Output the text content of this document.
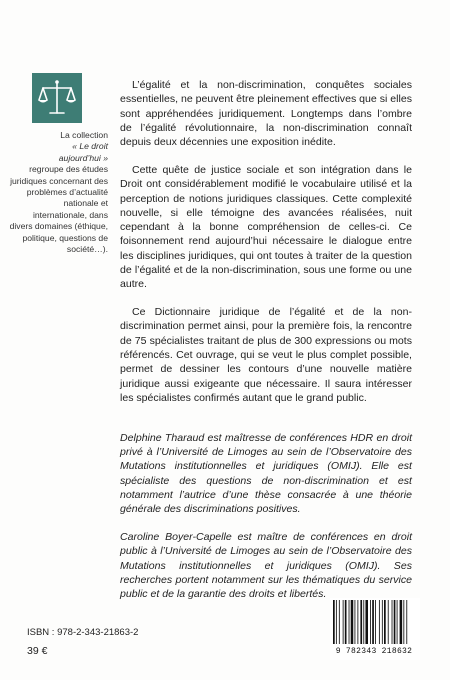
La collection
« Le droit
aujourd’hui »
regroupe des études juridiques concernant des problèmes d’actualité nationale et internationale, dans divers domaines (éthique, politique, questions de société…).

L’égalité et la non-discrimination, conquêtes sociales essentielles, ne peuvent être pleinement effectives que si elles sont appréhendées juridiquement. Longtemps dans l’ombre de l’égalité révolutionnaire, la non-discrimination connaît depuis deux décennies une exposition inédite.

Cette quête de justice sociale et son intégration dans le Droit ont considérablement modifié le vocabulaire utilisé et la perception de notions juridiques classiques. Cette complexité nouvelle, si elle témoigne des avancées réalisées, nuit cependant à la bonne compréhension de celles-ci. Ce foisonnement rend aujourd’hui nécessaire le dialogue entre les disciplines juridiques, qui ont toutes à traiter de la question de l’égalité et de la non-discrimination, sous une forme ou une autre.

Ce Dictionnaire juridique de l’égalité et de la non-discrimination permet ainsi, pour la première fois, la rencontre de 75 spécialistes traitant de plus de 300 expressions ou mots référencés. Cet ouvrage, qui se veut le plus complet possible, permet de dessiner les contours d’une nouvelle matière juridique aussi exigeante que nécessaire. Il saura intéresser les spécialistes confirmés autant que le grand public.

Delphine Tharaud est maîtresse de conférences HDR en droit privé à l’Université de Limoges au sein de l’Observatoire des Mutations institutionnelles et juridiques (OMIJ). Elle est spécialiste des questions de non-discrimination et est notamment l’autrice d’une thèse consacrée à une théorie générale des discriminations positives.

Caroline Boyer-Capelle est maître de conférences en droit public à l’Université de Limoges au sein de l’Observatoire des Mutations institutionnelles et juridiques (OMIJ). Ses recherches portent notamment sur les thématiques du service public et de la garantie des droits et libertés.

ISBN : 978-2-343-21863-2
39 €	9 782343 218632
